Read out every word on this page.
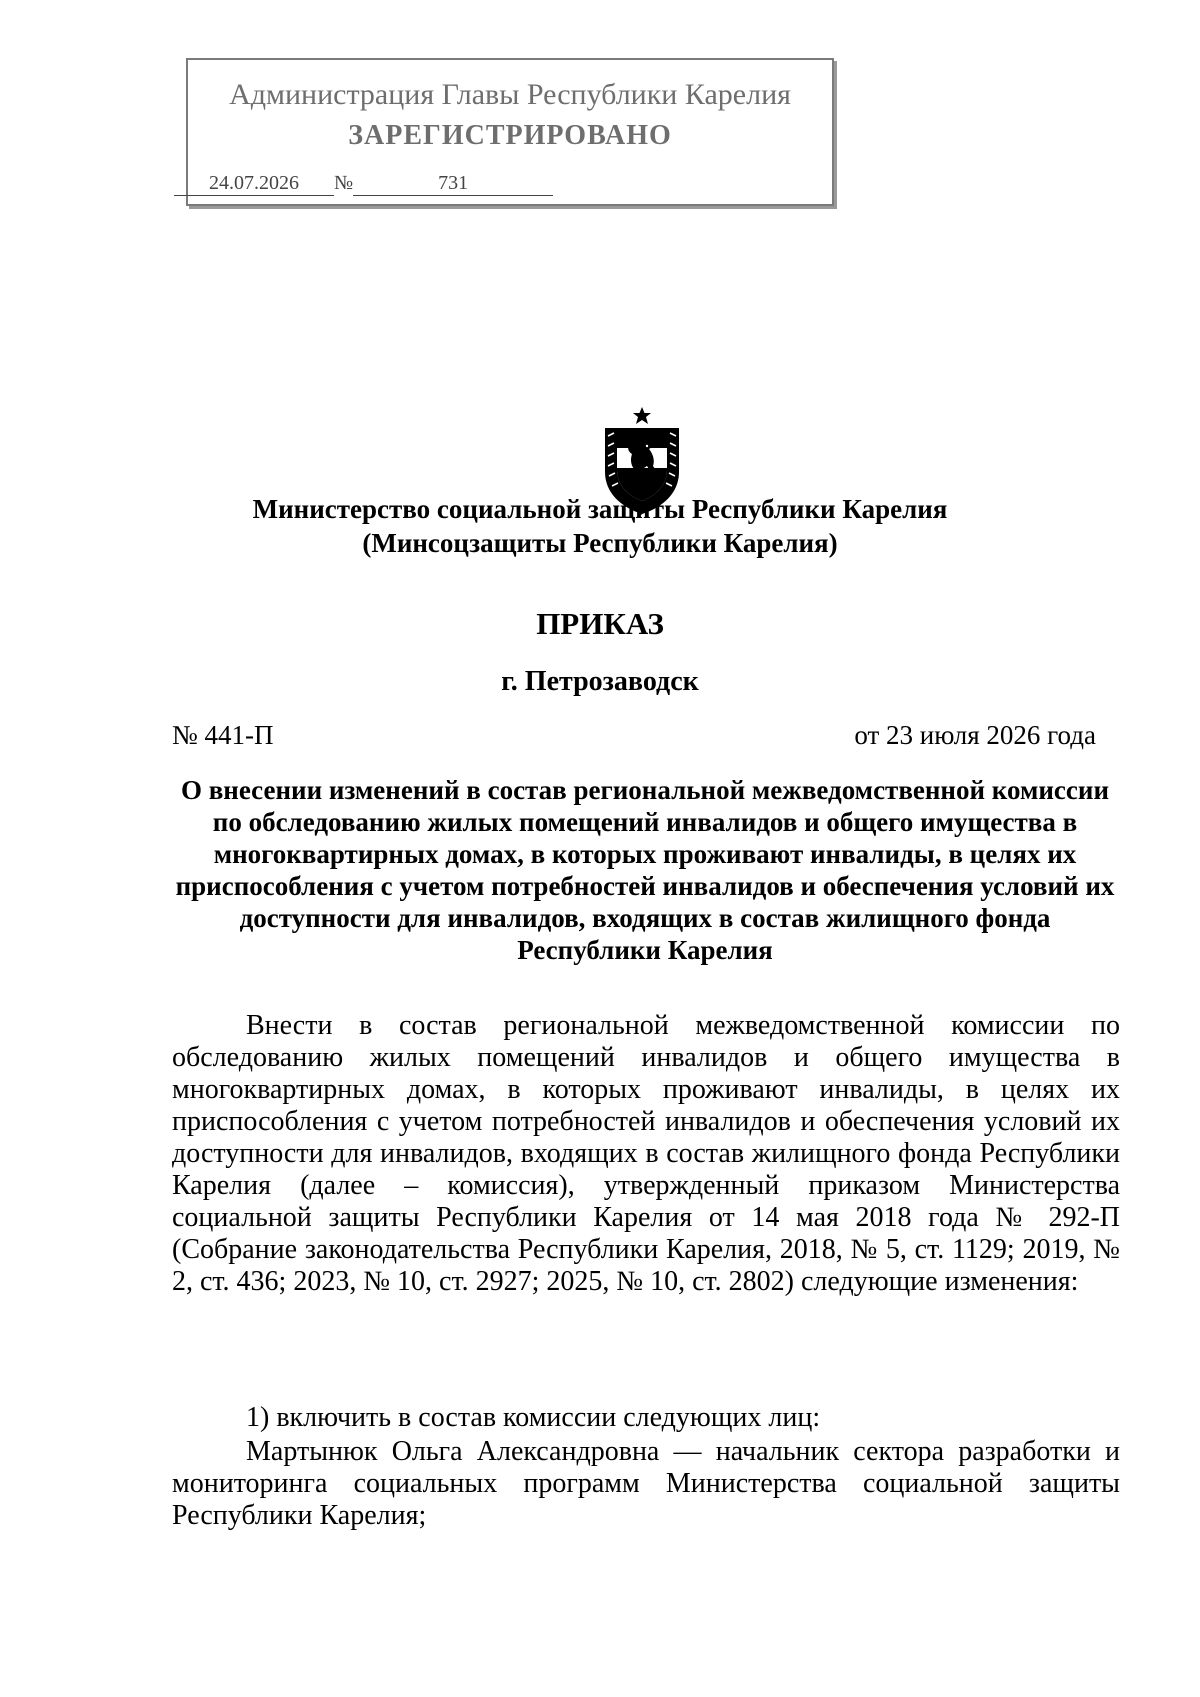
Администрация Главы Республики Карелия
ЗАРЕГИСТРИРОВАНО
24.07.2026 №	731
Министерство социальной защиты Республики Карелия
(Минсоцзащиты Республики Карелия)
ПРИКАЗ
г. Петрозаводск
№ 441-П	от 23 июля 2026 года
О внесении изменений в состав региональной межведомственной комиссии по обследованию жилых помещений инвалидов и общего имущества в многоквартирных домах, в которых проживают инвалиды, в целях их приспособления с учетом потребностей инвалидов и обеспечения условий их доступности для инвалидов, входящих в состав жилищного фонда Республики Карелия
Внести в состав региональной межведомственной комиссии по обследованию жилых помещений инвалидов и общего имущества в многоквартирных домах, в которых проживают инвалиды, в целях их приспособления с учетом потребностей инвалидов и обеспечения условий их доступности для инвалидов, входящих в состав жилищного фонда Республики Карелия (далее – комиссия), утвержденный приказом Министерства социальной защиты Республики Карелия от 14 мая 2018 года № 292-П (Собрание законодательства Республики Карелия, 2018, № 5, ст. 1129; 2019, № 2, ст. 436; 2023, № 10, ст. 2927; 2025, № 10, ст. 2802) следующие изменения:
1) включить в состав комиссии следующих лиц:
Мартынюк Ольга Александровна — начальник сектора разработки и мониторинга социальных программ Министерства социальной защиты Республики Карелия;
